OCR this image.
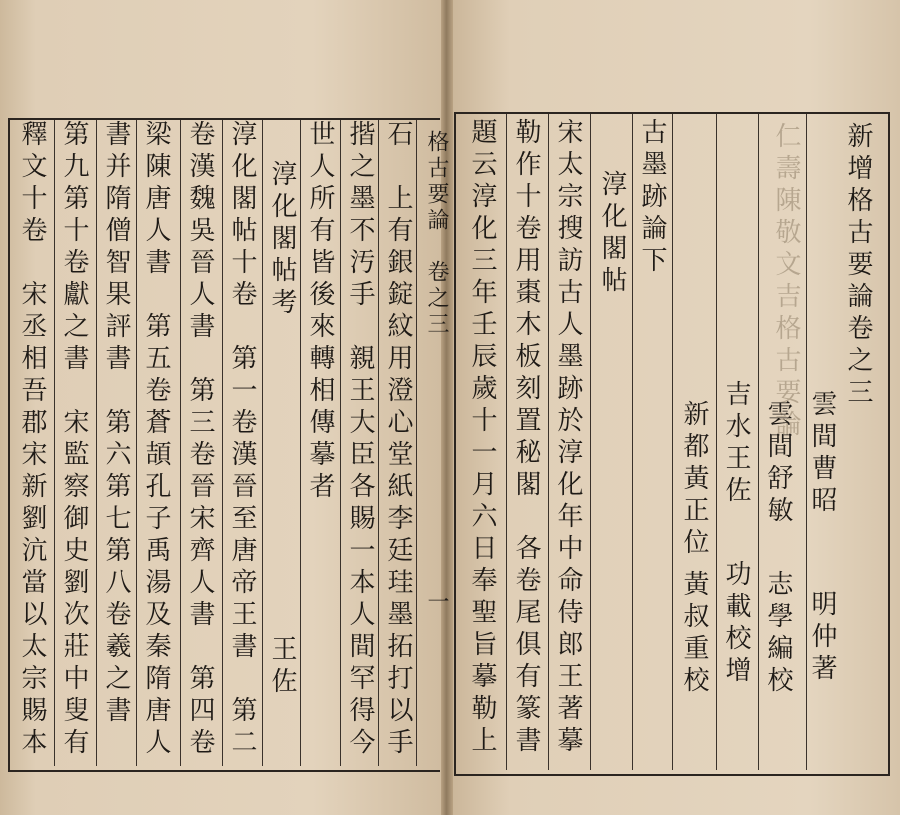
新增格古要論卷之三
仁壽陳敬文吉格古要論
雲間曹昭
明仲著
雲間舒敏
志學編校
吉水王佐
功載校增
新都黃正位
黃叔重校
古墨跡論下
淳化閣帖
宋太宗搜訪古人墨跡於淳化年中命侍郎王著摹
勒作十卷用棗木板刻置秘閣　各卷尾俱有篆書
題云淳化三年壬辰歲十一月六日奉聖旨摹勒上
格古要論　卷之三
一
石　上有銀錠紋用澄心堂紙李廷珪墨拓打以手
揩之墨不汚手　親王大臣各賜一本人間罕得今
世人所有皆後來轉相傳摹者
淳化閣帖考
王佐
淳化閣帖十卷　第一卷漢晉至唐帝王書　第二
卷漢魏吳晉人書　第三卷晉宋齊人書　第四卷
梁陳唐人書　第五卷蒼頡孔子禹湯及秦隋唐人
書并隋僧智果評書　第六第七第八卷羲之書
第九第十卷獻之書　宋監察御史劉次莊中叟有
釋文十卷　宋丞相吾郡宋新劉沆當以太宗賜本
